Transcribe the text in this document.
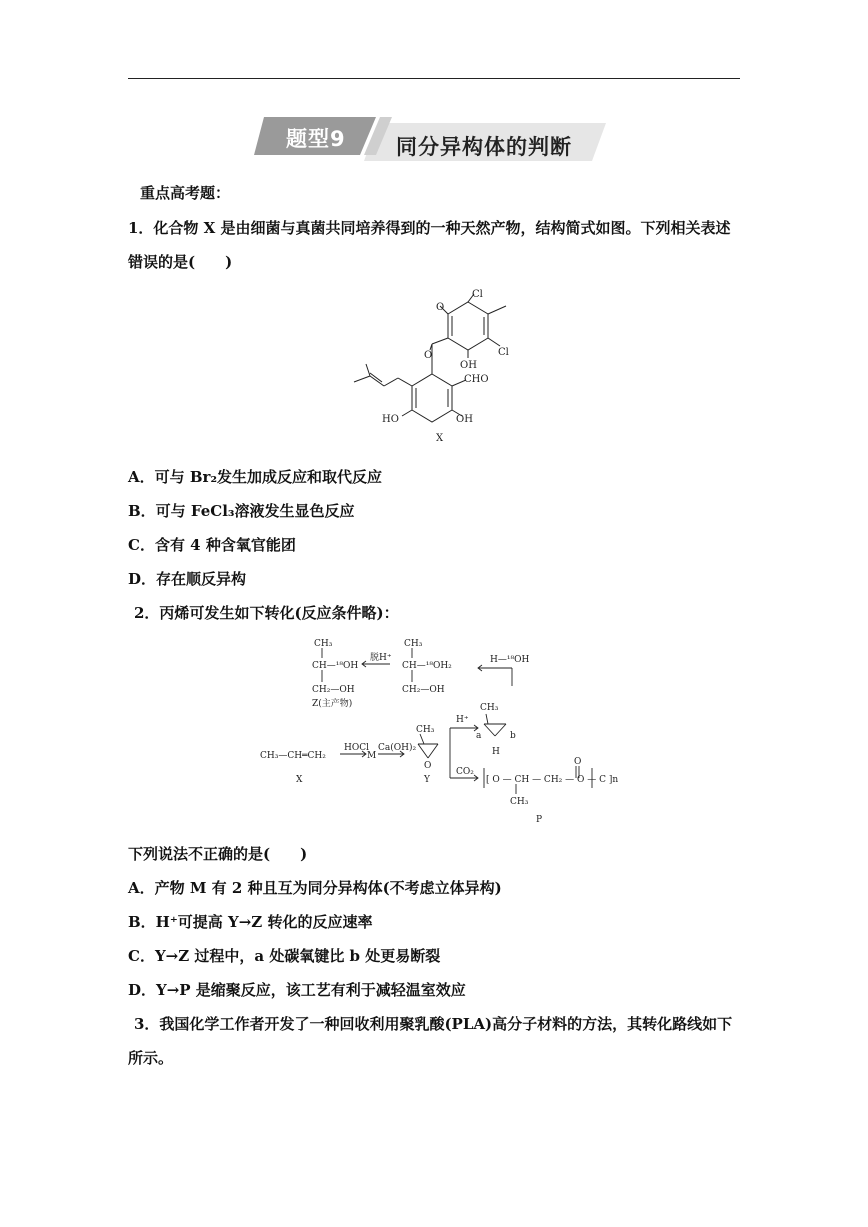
题型9 同分异构体的判断
重点高考题：
1．化合物 X 是由细菌与真菌共同培养得到的一种天然产物，结构简式如图。下列相关表述
错误的是(　　)
Cl
O
Cl
OH
O
CHO
HO	OH
X
A．可与 Br₂发生加成反应和取代反应
B．可与 FeCl₃溶液发生显色反应
C．含有 4 种含氧官能团
D．存在顺反异构
2．丙烯可发生如下转化(反应条件略)：
CH₃
CH—¹⁸OH
CH₂—OH
Z(主产物)
脱H⁺
CH₃
CH—¹⁸OH₂
CH₂—OH
H—¹⁸OH
CH₃—CH═CH₂
HOCl
M
Ca(OH)₂
CH₃
O
Y
X
H⁺
CH₃
a	b
H
CO₂
[ O — CH — CH₂ — O — C ]n
CH₃
O
P
下列说法不正确的是(　　)
A．产物 M 有 2 种且互为同分异构体(不考虑立体异构)
B．H⁺可提高 Y→Z 转化的反应速率
C．Y→Z 过程中，a 处碳氧键比 b 处更易断裂
D．Y→P 是缩聚反应，该工艺有利于减轻温室效应
3．我国化学工作者开发了一种回收利用聚乳酸(PLA)高分子材料的方法，其转化路线如下
所示。
